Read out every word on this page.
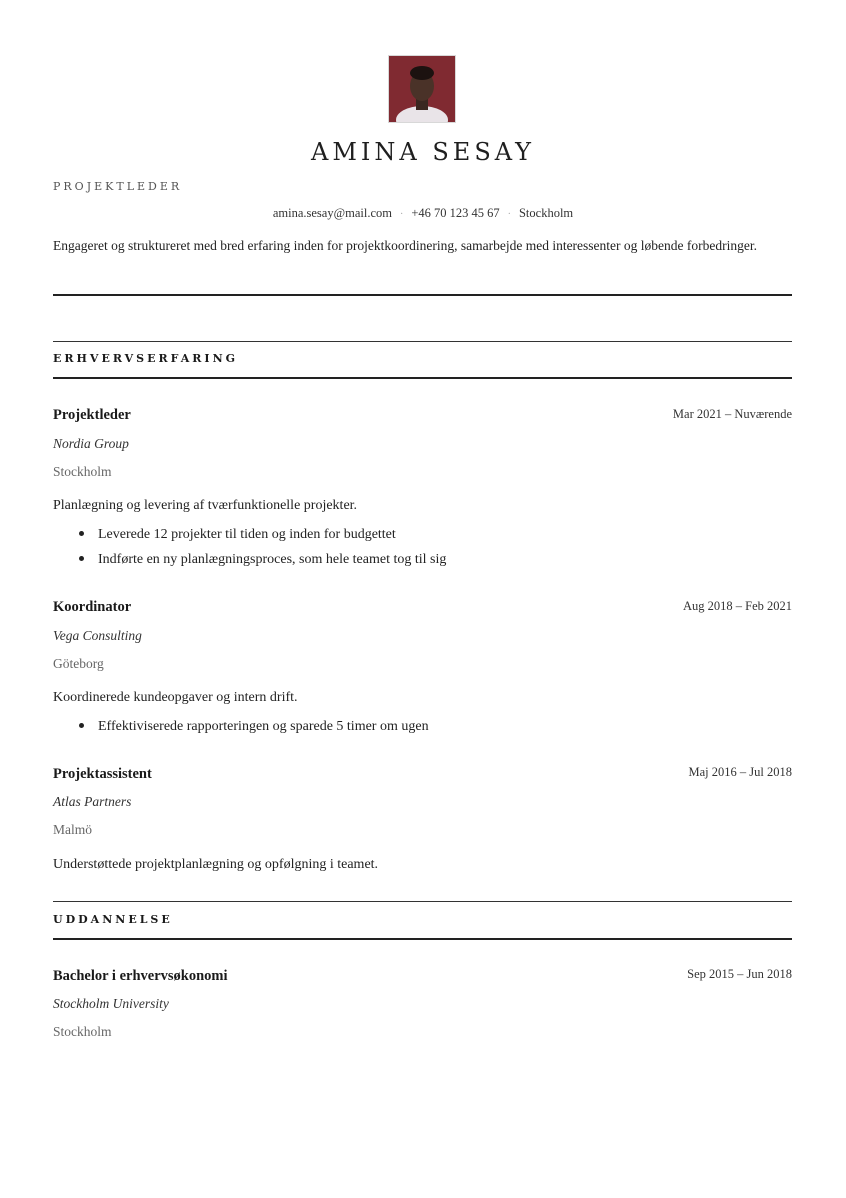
AMINA SESAY
PROJEKTLEDER
amina.sesay@mail.com · +46 70 123 45 67 · Stockholm
Engageret og struktureret med bred erfaring inden for projektkoordinering, samarbejde med interessenter og løbende forbedringer.
ERHVERVSERFARING
Projektleder	Mar 2021 – Nuværende
Nordia Group
Stockholm
Planlægning og levering af tværfunktionelle projekter.
Leverede 12 projekter til tiden og inden for budgettet
Indførte en ny planlægningsproces, som hele teamet tog til sig
Koordinator	Aug 2018 – Feb 2021
Vega Consulting
Göteborg
Koordinerede kundeopgaver og intern drift.
Effektiviserede rapporteringen og sparede 5 timer om ugen
Projektassistent	Maj 2016 – Jul 2018
Atlas Partners
Malmö
Understøttede projektplanlægning og opfølgning i teamet.
UDDANNELSE
Bachelor i erhvervsøkonomi	Sep 2015 – Jun 2018
Stockholm University
Stockholm
